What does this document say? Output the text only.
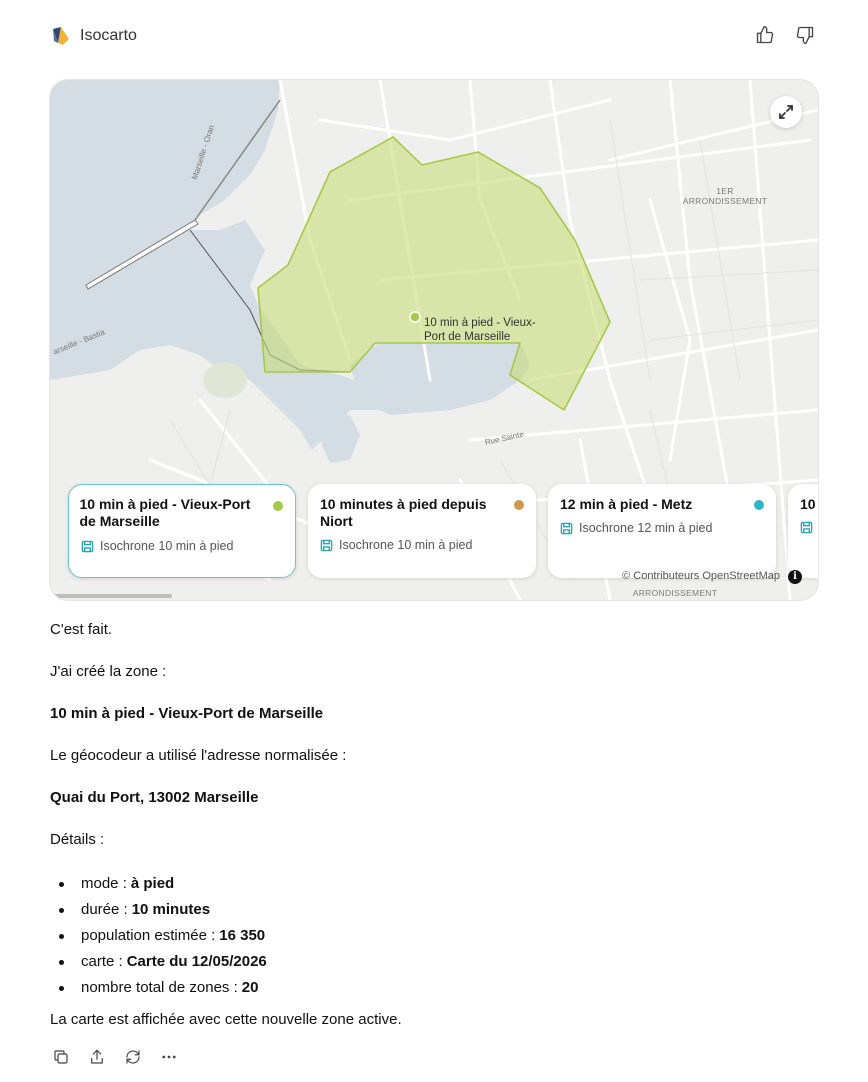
Isocarto
10 min à pied - Vieux-
Port de Marseille
1ER
ARRONDISSEMENT
ARRONDISSEMENT
Marseille - Oran
arseille - Bastia
Rue Sainte
10 min à pied - Vieux-Port de Marseille
Isochrone 10 min à pied
10 minutes à pied depuis Niort
Isochrone 10 min à pied
12 min à pied - Metz
Isochrone 12 min à pied
10
© Contributeurs OpenStreetMap	i
C'est fait.
J'ai créé la zone :
10 min à pied - Vieux-Port de Marseille
Le géocodeur a utilisé l'adresse normalisée :
Quai du Port, 13002 Marseille
Détails :
mode : à pied
durée : 10 minutes
population estimée : 16 350
carte : Carte du 12/05/2026
nombre total de zones : 20
La carte est affichée avec cette nouvelle zone active.
